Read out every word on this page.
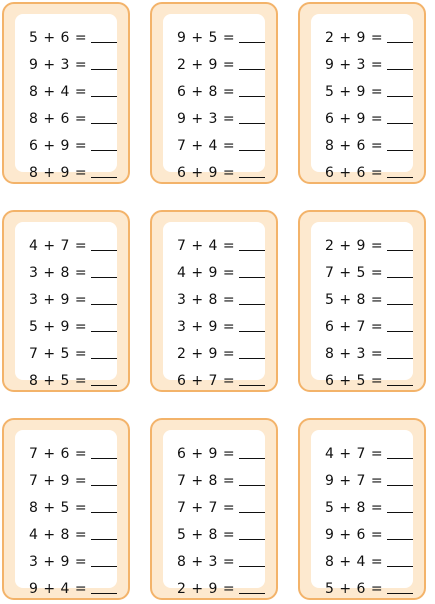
5 + 6 =
9 + 3 =
8 + 4 =
8 + 6 =
6 + 9 =
8 + 9 =
9 + 5 =
2 + 9 =
6 + 8 =
9 + 3 =
7 + 4 =
6 + 9 =
2 + 9 =
9 + 3 =
5 + 9 =
6 + 9 =
8 + 6 =
6 + 6 =
4 + 7 =
3 + 8 =
3 + 9 =
5 + 9 =
7 + 5 =
8 + 5 =
7 + 4 =
4 + 9 =
3 + 8 =
3 + 9 =
2 + 9 =
6 + 7 =
2 + 9 =
7 + 5 =
5 + 8 =
6 + 7 =
8 + 3 =
6 + 5 =
7 + 6 =
7 + 9 =
8 + 5 =
4 + 8 =
3 + 9 =
9 + 4 =
6 + 9 =
7 + 8 =
7 + 7 =
5 + 8 =
8 + 3 =
2 + 9 =
4 + 7 =
9 + 7 =
5 + 8 =
9 + 6 =
8 + 4 =
5 + 6 =
